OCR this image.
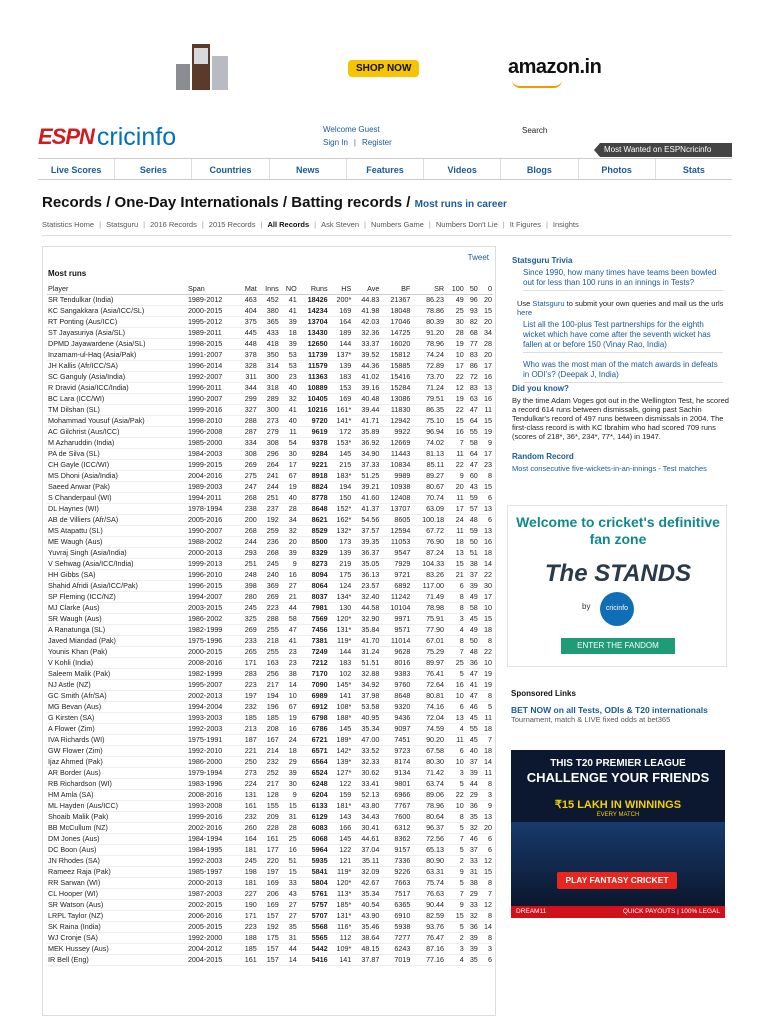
SHOP NOW	amazon.in
ESPN cricinfo	Welcome Guest
Sign In | Register
Search
Most Wanted on ESPNcricinfo
Live Scores	Series	Countries	News	Features	Videos	Blogs	Photos	Stats
Records / One-Day Internationals / Batting records / Most runs in career
Statistics Home | Statsguru | 2016 Records | 2015 Records | All Records | Ask Steven | Numbers Game | Numbers Don't Lie | It Figures | Insights
Tweet
Most runs
Player	Span	Mat	Inns	NO	Runs	HS	Ave	BF	SR	100	50	0
SR Tendulkar (India)	1989-2012	463	452	41	18426	200*	44.83	21367	86.23	49	96	20
KC Sangakkara (Asia/ICC/SL)	2000-2015	404	380	41	14234	169	41.98	18048	78.86	25	93	15
RT Ponting (Aus/ICC)	1995-2012	375	365	39	13704	164	42.03	17046	80.39	30	82	20
ST Jayasuriya (Asia/SL)	1989-2011	445	433	18	13430	189	32.36	14725	91.20	28	68	34
DPMD Jayawardene (Asia/SL)	1998-2015	448	418	39	12650	144	33.37	16020	78.96	19	77	28
Inzamam-ul-Haq (Asia/Pak)	1991-2007	378	350	53	11739	137*	39.52	15812	74.24	10	83	20
JH Kallis (Afr/ICC/SA)	1996-2014	328	314	53	11579	139	44.36	15885	72.89	17	86	17
SC Ganguly (Asia/India)	1992-2007	311	300	23	11363	183	41.02	15416	73.70	22	72	16
R Dravid (Asia/ICC/India)	1996-2011	344	318	40	10889	153	39.16	15284	71.24	12	83	13
BC Lara (ICC/WI)	1990-2007	299	289	32	10405	169	40.48	13086	79.51	19	63	16
TM Dilshan (SL)	1999-2016	327	300	41	10216	161*	39.44	11830	86.35	22	47	11
Mohammad Yousuf (Asia/Pak)	1998-2010	288	273	40	9720	141*	41.71	12942	75.10	15	64	15
AC Gilchrist (Aus/ICC)	1996-2008	287	279	11	9619	172	35.89	9922	96.94	16	55	19
M Azharuddin (India)	1985-2000	334	308	54	9378	153*	36.92	12669	74.02	7	58	9
PA de Silva (SL)	1984-2003	308	296	30	9284	145	34.90	11443	81.13	11	64	17
CH Gayle (ICC/WI)	1999-2015	269	264	17	9221	215	37.33	10834	85.11	22	47	23
MS Dhoni (Asia/India)	2004-2016	275	241	67	8918	183*	51.25	9989	89.27	9	60	8
Saeed Anwar (Pak)	1989-2003	247	244	19	8824	194	39.21	10938	80.67	20	43	15
S Chanderpaul (WI)	1994-2011	268	251	40	8778	150	41.60	12408	70.74	11	59	6
DL Haynes (WI)	1978-1994	238	237	28	8648	152*	41.37	13707	63.09	17	57	13
AB de Villiers (Afr/SA)	2005-2016	200	192	34	8621	162*	54.56	8605	100.18	24	48	6
MS Atapattu (SL)	1990-2007	268	259	32	8529	132*	37.57	12594	67.72	11	59	13
ME Waugh (Aus)	1988-2002	244	236	20	8500	173	39.35	11053	76.90	18	50	16
Yuvraj Singh (Asia/India)	2000-2013	293	268	39	8329	139	36.37	9547	87.24	13	51	18
V Sehwag (Asia/ICC/India)	1999-2013	251	245	9	8273	219	35.05	7929	104.33	15	38	14
HH Gibbs (SA)	1996-2010	248	240	16	8094	175	36.13	9721	83.26	21	37	22
Shahid Afridi (Asia/ICC/Pak)	1996-2015	398	369	27	8064	124	23.57	6892	117.00	6	39	30
SP Fleming (ICC/NZ)	1994-2007	280	269	21	8037	134*	32.40	11242	71.49	8	49	17
MJ Clarke (Aus)	2003-2015	245	223	44	7981	130	44.58	10104	78.98	8	58	10
SR Waugh (Aus)	1986-2002	325	288	58	7569	120*	32.90	9971	75.91	3	45	15
A Ranatunga (SL)	1982-1999	269	255	47	7456	131*	35.84	9571	77.90	4	49	18
Javed Miandad (Pak)	1975-1996	233	218	41	7381	119*	41.70	11014	67.01	8	50	8
Younis Khan (Pak)	2000-2015	265	255	23	7249	144	31.24	9628	75.29	7	48	22
V Kohli (India)	2008-2016	171	163	23	7212	183	51.51	8016	89.97	25	36	10
Saleem Malik (Pak)	1982-1999	283	256	38	7170	102	32.88	9383	76.41	5	47	19
NJ Astle (NZ)	1995-2007	223	217	14	7090	145*	34.92	9760	72.64	16	41	19
GC Smith (Afr/SA)	2002-2013	197	194	10	6989	141	37.98	8648	80.81	10	47	8
MG Bevan (Aus)	1994-2004	232	196	67	6912	108*	53.58	9320	74.16	6	46	5
G Kirsten (SA)	1993-2003	185	185	19	6798	188*	40.95	9436	72.04	13	45	11
A Flower (Zim)	1992-2003	213	208	16	6786	145	35.34	9097	74.59	4	55	18
IVA Richards (WI)	1975-1991	187	167	24	6721	189*	47.00	7451	90.20	11	45	7
GW Flower (Zim)	1992-2010	221	214	18	6571	142*	33.52	9723	67.58	6	40	18
Ijaz Ahmed (Pak)	1986-2000	250	232	29	6564	139*	32.33	8174	80.30	10	37	14
AR Border (Aus)	1979-1994	273	252	39	6524	127*	30.62	9134	71.42	3	39	11
RB Richardson (WI)	1983-1996	224	217	30	6248	122	33.41	9801	63.74	5	44	8
HM Amla (SA)	2008-2016	131	128	9	6204	159	52.13	6966	89.06	22	29	3
ML Hayden (Aus/ICC)	1993-2008	161	155	15	6133	181*	43.80	7767	78.96	10	36	9
Shoaib Malik (Pak)	1999-2016	232	209	31	6129	143	34.43	7600	80.64	8	35	13
BB McCullum (NZ)	2002-2016	260	228	28	6083	166	30.41	6312	96.37	5	32	20
DM Jones (Aus)	1984-1994	164	161	25	6068	145	44.61	8362	72.56	7	46	6
DC Boon (Aus)	1984-1995	181	177	16	5964	122	37.04	9157	65.13	5	37	6
JN Rhodes (SA)	1992-2003	245	220	51	5935	121	35.11	7336	80.90	2	33	12
Rameez Raja (Pak)	1985-1997	198	197	15	5841	119*	32.09	9226	63.31	9	31	15
RR Sarwan (WI)	2000-2013	181	169	33	5804	120*	42.67	7663	75.74	5	38	8
CL Hooper (WI)	1987-2003	227	206	43	5761	113*	35.34	7517	76.63	7	29	7
SR Watson (Aus)	2002-2015	190	169	27	5757	185*	40.54	6365	90.44	9	33	12
LRPL Taylor (NZ)	2006-2016	171	157	27	5707	131*	43.90	6910	82.59	15	32	8
SK Raina (India)	2005-2015	223	192	35	5568	116*	35.46	5938	93.76	5	36	14
WJ Cronje (SA)	1992-2000	188	175	31	5565	112	38.64	7277	76.47	2	39	8
MEK Hussey (Aus)	2004-2012	185	157	44	5442	109*	48.15	6243	87.16	3	39	3
IR Bell (Eng)	2004-2015	161	157	14	5416	141	37.87	7019	77.16	4	35	6
Statsguru Trivia
Since 1990, how many times have teams been bowled out for less than 100 runs in an innings in Tests?
Use Statsguru to submit your own queries and mail us the urls here
List all the 100-plus Test partnerships for the eighth wicket which have come after the seventh wicket has fallen at or before 150 (Vinay Rao, India)
Who was the most man of the match awards in defeats in ODI's? (Deepak J, India)
Did you know?
By the time Adam Voges got out in the Wellington Test, he scored a record 614 runs between dismissals, going past Sachin Tendulkar's record of 497 runs between dismissals in 2004. The first-class record is with KC Ibrahim who had scored 709 runs (scores of 218*, 36*, 234*, 77*, 144) in 1947.
Random Record
Most consecutive five-wickets-in-an-innings - Test matches
Welcome to cricket's definitive fan zone
The STANDS
by	cricinfo
ENTER THE FANDOM
Sponsored Links
BET NOW on all Tests, ODIs & T20 internationals
Tournament, match & LIVE fixed odds at bet365
THIS T20 PREMIER LEAGUE
CHALLENGE YOUR FRIENDS
₹15 LAKH IN WINNINGS
EVERY MATCH
PLAY FANTASY CRICKET
DREAM11	QUICK PAYOUTS | 100% LEGAL
